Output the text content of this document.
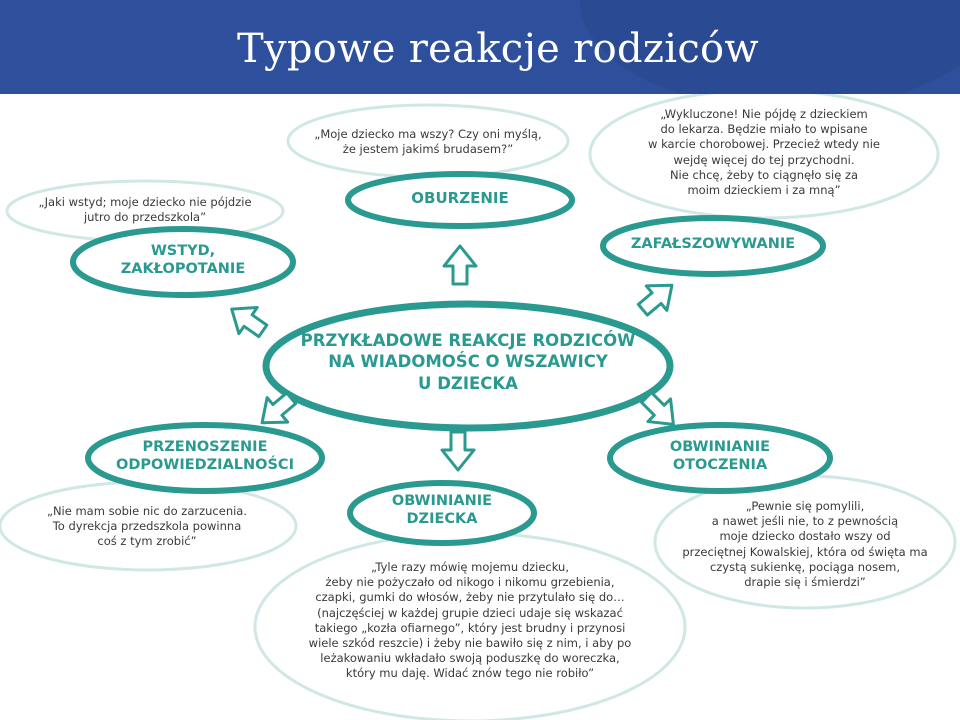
Typowe reakcje rodziców
PRZYKŁADOWE REAKCJE RODZICÓW
NA WIADOMOŚC O WSZAWICY
U DZIECKA
OBURZENIE
WSTYD,
ZAKŁOPOTANIE
ZAFAŁSZOWYWANIE
PRZENOSZENIE
ODPOWIEDZIALNOŚCI
OBWINIANIE
DZIECKA
OBWINIANIE
OTOCZENIA
„Moje dziecko ma wszy? Czy oni myślą,
że jestem jakimś brudasem?”
„Jaki wstyd; moje dziecko nie pójdzie
jutro do przedszkola”
„Wykluczone! Nie pójdę z dzieckiem
do lekarza. Będzie miało to wpisane
w karcie chorobowej. Przecież wtedy nie
wejdę więcej do tej przychodni.
Nie chcę, żeby to ciągnęło się za
moim dzieckiem i za mną”
„Nie mam sobie nic do zarzucenia.
To dyrekcja przedszkola powinna
coś z tym zrobić”
„Tyle razy mówię mojemu dziecku,
żeby nie pożyczało od nikogo i nikomu grzebienia,
czapki, gumki do włosów, żeby nie przytulało się do…
(najczęściej w każdej grupie dzieci udaje się wskazać
takiego „kozła ofiarnego”, który jest brudny i przynosi
wiele szkód reszcie) i żeby nie bawiło się z nim, i aby po
leżakowaniu wkładało swoją poduszkę do woreczka,
który mu daję. Widać znów tego nie robiło”
„Pewnie się pomylili,
a nawet jeśli nie, to z pewnością
moje dziecko dostało wszy od
przeciętnej Kowalskiej, która od święta ma
czystą sukienkę, pociąga nosem,
drapie się i śmierdzi”
